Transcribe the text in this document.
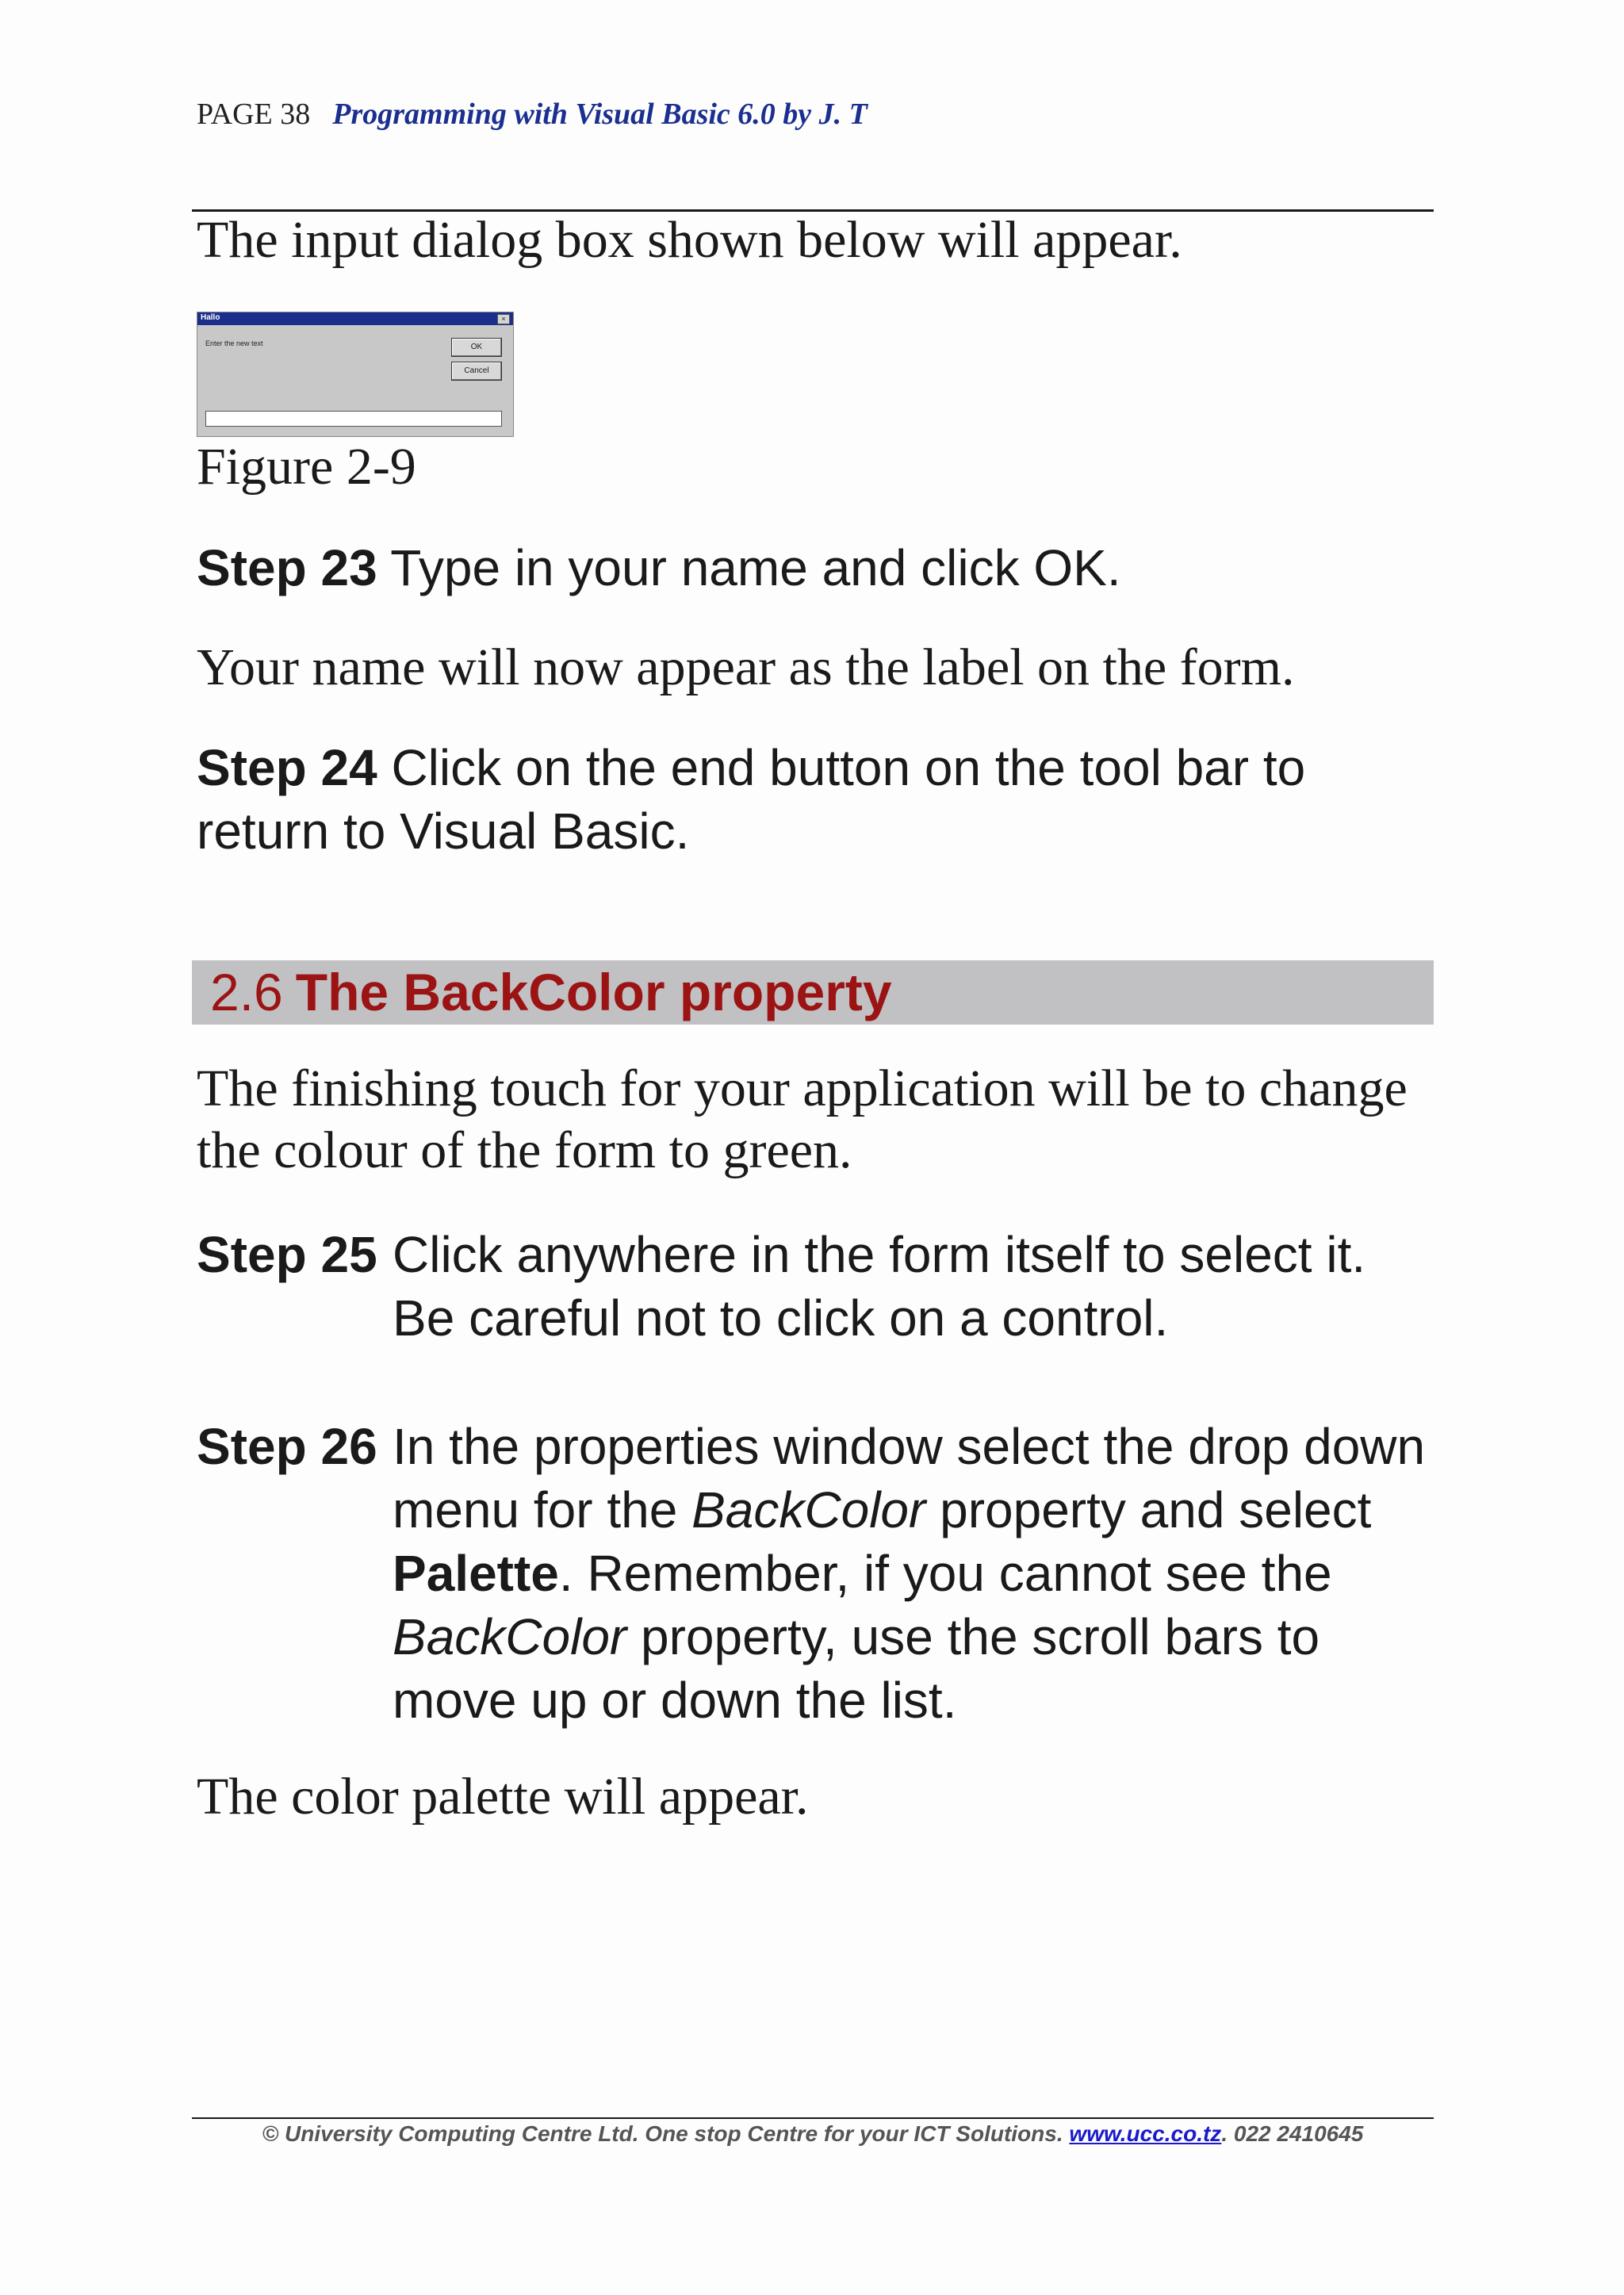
PAGE 38 Programming with Visual Basic 6.0 by J. T
The input dialog box shown below will appear.
Hallo	×
Enter the new text	OK
Cancel
Figure 2-9
Step 23 Type in your name and click OK.
Your name will now appear as the label on the form.
Step 24 Click on the end button on the tool bar to return to Visual Basic.
2.6 The BackColor property
The finishing touch for your application will be to change the colour of the form to green.
Step 25 Click anywhere in the form itself to select it. Be careful not to click on a control.
Step 26 In the properties window select the drop down menu for the BackColor property and select Palette. Remember, if you cannot see the BackColor property, use the scroll bars to move up or down the list.
The color palette will appear.
© University Computing Centre Ltd. One stop Centre for your ICT Solutions. www.ucc.co.tz. 022 2410645
